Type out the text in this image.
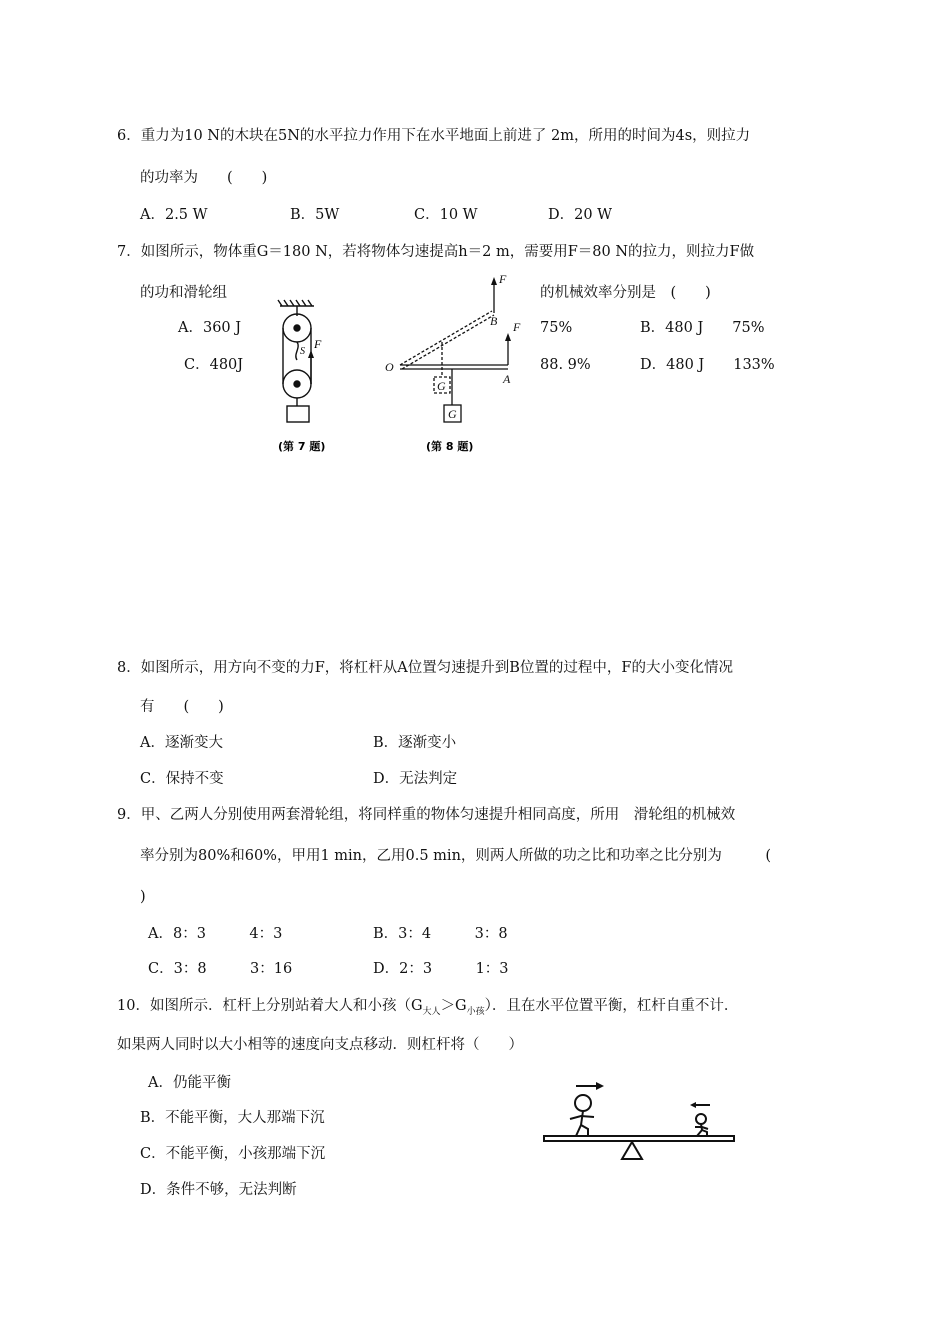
6．重力为10 N的木块在5N的水平拉力作用下在水平地面上前进了 2m，所用的时间为4s，则拉力
的功率为　　(　　)
A．2.5 W	B．5W	C．10 W	D．20 W
7．如图所示，物体重G＝180 N，若将物体匀速提高h＝2 m，需要用F＝80 N的拉力，则拉力F做
的功和滑轮组	的机械效率分别是　(　　)
A．360 J	75%	B．480 J　　75%
C．480J	88. 9%	D．480 J　　133%
F
S
(第 7 题)
F
F
B
O
A
G
G
(第 8 题)
8．如图所示，用方向不变的力F，将杠杆从A位置匀速提升到B位置的过程中，F的大小变化情况
有　　(　　)
A．逐渐变大	B．逐渐变小
C．保持不变	D．无法判定
9．甲、乙两人分别使用两套滑轮组，将同样重的物体匀速提升相同高度，所用　滑轮组的机械效
率分别为80%和60%，甲用1 min，乙用0.5 min，则两人所做的功之比和功率之比分别为　　　(
)
A．8：3　　　4：3	B．3：4　　　3：8
C．3：8　　　3：16	D．2：3　　　1：3
10．如图所示．杠杆上分别站着大人和小孩$(G_{大人}>G_{小孩})$．且在水平位置平衡，杠杆自重不计．
如果两人同时以大小相等的速度向支点移动．则杠杆将（　　）
A．仍能平衡
B．不能平衡，大人那端下沉
C．不能平衡，小孩那端下沉
D．条件不够，无法判断
